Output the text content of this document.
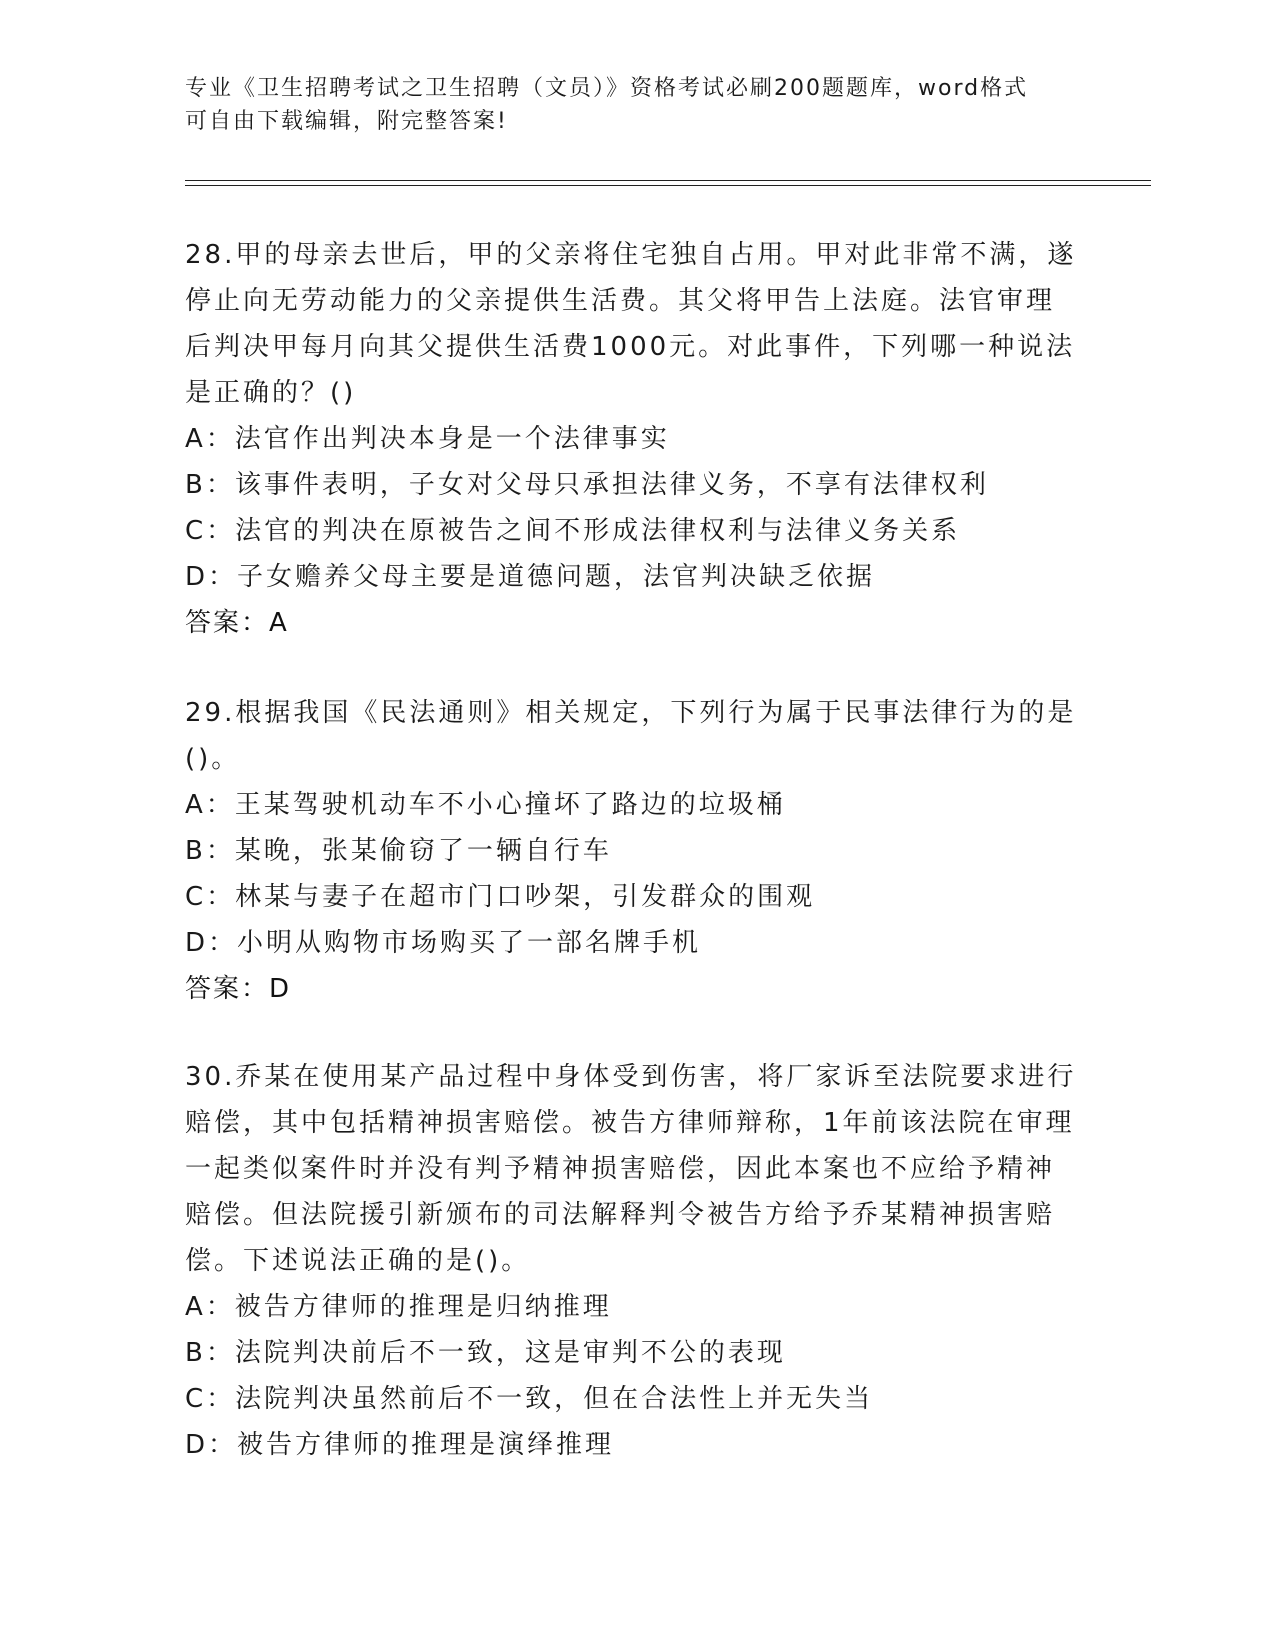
专业《卫生招聘考试之卫生招聘（文员）》资格考试必刷200题题库，word格式
可自由下载编辑，附完整答案!
28.甲的母亲去世后，甲的父亲将住宅独自占用。甲对此非常不满，遂
停止向无劳动能力的父亲提供生活费。其父将甲告上法庭。法官审理
后判决甲每月向其父提供生活费1000元。对此事件，下列哪一种说法
是正确的？()
A：法官作出判决本身是一个法律事实
B：该事件表明，子女对父母只承担法律义务，不享有法律权利
C：法官的判决在原被告之间不形成法律权利与法律义务关系
D：子女赡养父母主要是道德问题，法官判决缺乏依据
答案：A
29.根据我国《民法通则》相关规定，下列行为属于民事法律行为的是
()。
A：王某驾驶机动车不小心撞坏了路边的垃圾桶
B：某晚，张某偷窃了一辆自行车
C：林某与妻子在超市门口吵架，引发群众的围观
D：小明从购物市场购买了一部名牌手机
答案：D
30.乔某在使用某产品过程中身体受到伤害，将厂家诉至法院要求进行
赔偿，其中包括精神损害赔偿。被告方律师辩称，1年前该法院在审理
一起类似案件时并没有判予精神损害赔偿，因此本案也不应给予精神
赔偿。但法院援引新颁布的司法解释判令被告方给予乔某精神损害赔
偿。下述说法正确的是()。
A：被告方律师的推理是归纳推理
B：法院判决前后不一致，这是审判不公的表现
C：法院判决虽然前后不一致，但在合法性上并无失当
D：被告方律师的推理是演绎推理
